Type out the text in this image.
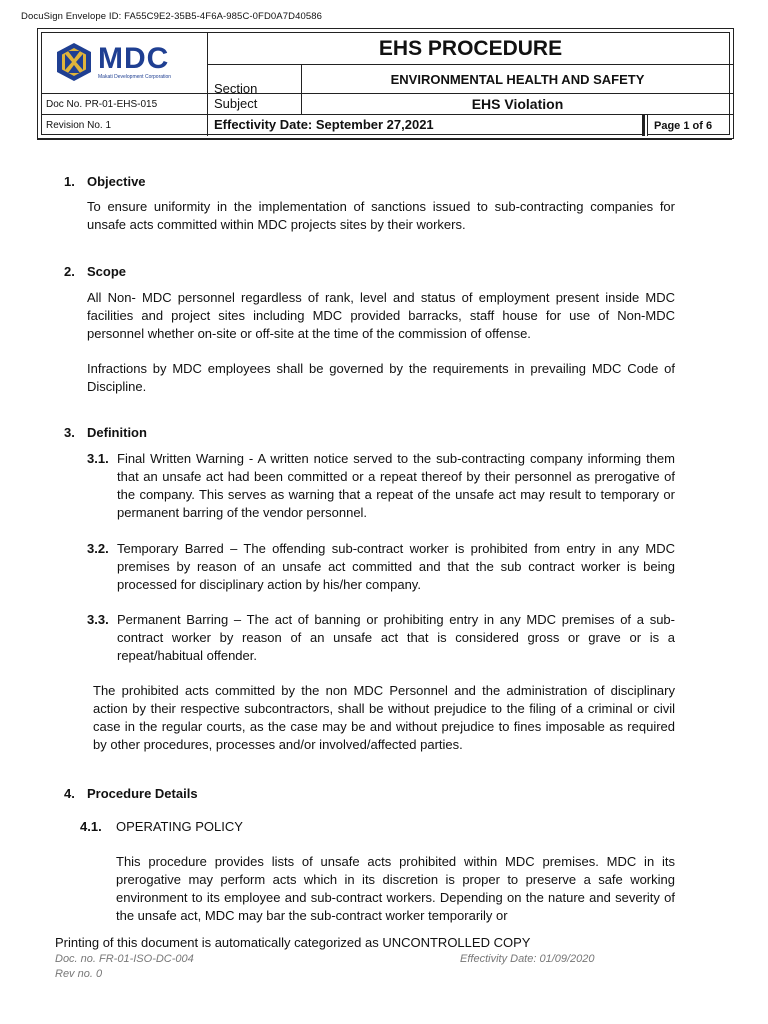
DocuSign Envelope ID: FA55C9E2-35B5-4F6A-985C-0FD0A7D40586
MDC
Makati Development Corporation
EHS PROCEDURE
Section
ENVIRONMENTAL HEALTH AND SAFETY
Doc No. PR-01-EHS-015	Subject	EHS Violation
Revision No. 1	Effectivity Date: September 27,2021	Page 1 of 6
1. Objective
To ensure uniformity in the implementation of sanctions issued to sub-contracting companies for unsafe acts committed within MDC projects sites by their workers.
2. Scope
All Non- MDC personnel regardless of rank, level and status of employment present inside MDC facilities and project sites including MDC provided barracks, staff house for use of Non-MDC personnel whether on-site or off-site at the time of the commission of offense.
Infractions by MDC employees shall be governed by the requirements in prevailing MDC Code of Discipline.
3. Definition
3.1. Final Written Warning - A written notice served to the sub-contracting company informing them that an unsafe act had been committed or a repeat thereof by their personnel as prerogative of the company. This serves as warning that a repeat of the unsafe act may result to temporary or permanent barring of the vendor personnel.
3.2. Temporary Barred – The offending sub-contract worker is prohibited from entry in any MDC premises by reason of an unsafe act committed and that the sub contract worker is being processed for disciplinary action by his/her company.
3.3. Permanent Barring – The act of banning or prohibiting entry in any MDC premises of a sub-contract worker by reason of an unsafe act that is considered gross or grave or is a repeat/habitual offender.
The prohibited acts committed by the non MDC Personnel and the administration of disciplinary action by their respective subcontractors, shall be without prejudice to the filing of a criminal or civil case in the regular courts, as the case may be and without prejudice to fines imposable as required by other procedures, processes and/or involved/affected parties.
4. Procedure Details
4.1. OPERATING POLICY
This procedure provides lists of unsafe acts prohibited within MDC premises. MDC in its prerogative may perform acts which in its discretion is proper to preserve a safe working environment to its employee and sub-contract workers. Depending on the nature and severity of the unsafe act, MDC may bar the sub-contract worker temporarily or
Printing of this document is automatically categorized as UNCONTROLLED COPY
Doc. no. FR-01-ISO-DC-004	Effectivity Date: 01/09/2020
Rev no. 0
